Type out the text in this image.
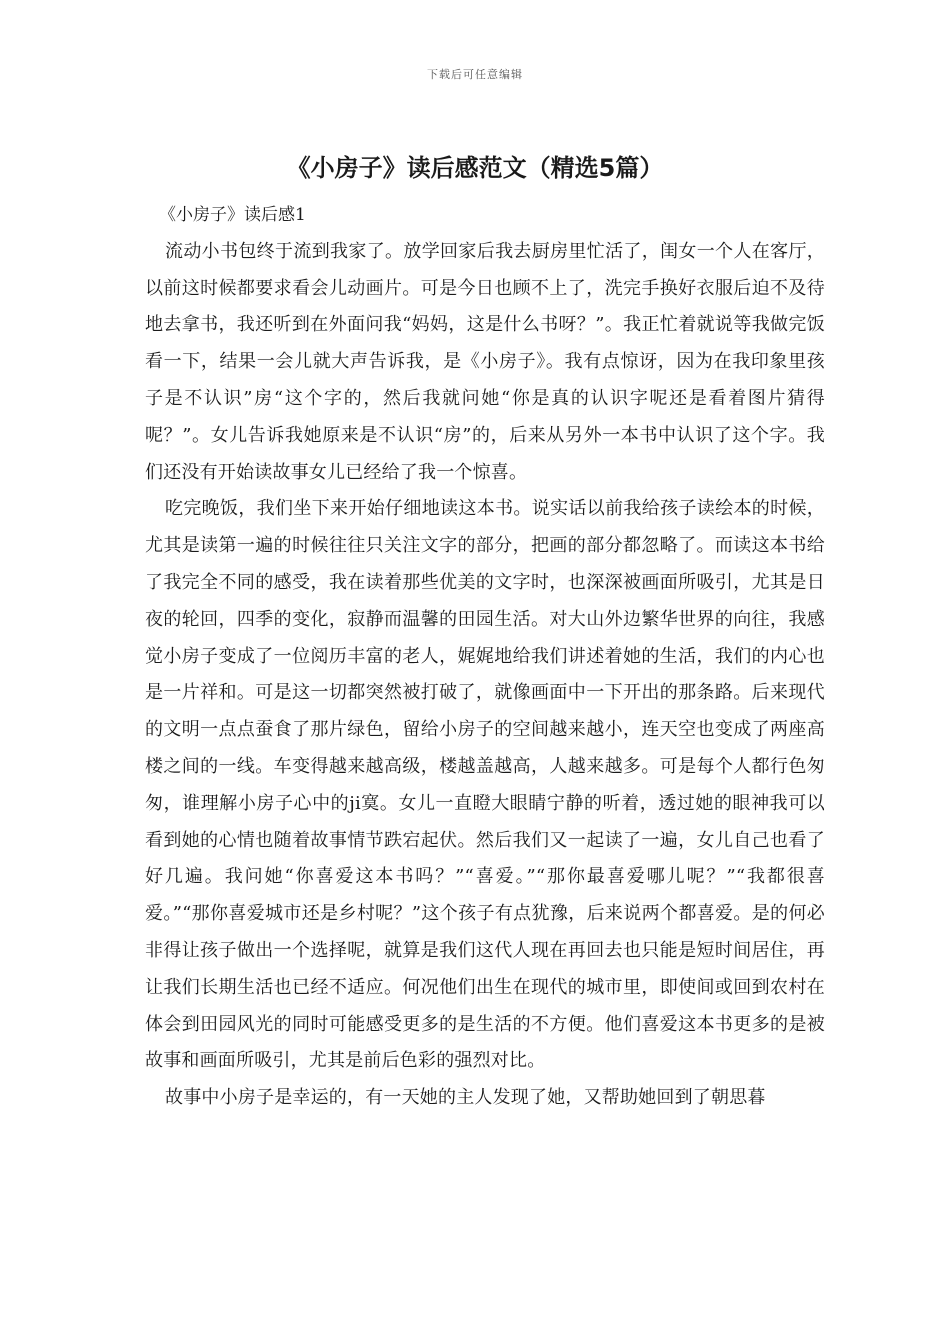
下载后可任意编辑
《小房子》读后感范文（精选5篇）

《小房子》读后感1

流动小书包终于流到我家了。放学回家后我去厨房里忙活了，闺女一个人在客厅，以前这时候都要求看会儿动画片。可是今日也顾不上了，洗完手换好衣服后迫不及待地去拿书，我还听到在外面问我“妈妈，这是什么书呀？”。我正忙着就说等我做完饭看一下，结果一会儿就大声告诉我，是《小房子》。我有点惊讶，因为在我印象里孩子是不认识”房“这个字的，然后我就问她“你是真的认识字呢还是看着图片猜得呢？”。女儿告诉我她原来是不认识“房”的，后来从另外一本书中认识了这个字。我们还没有开始读故事女儿已经给了我一个惊喜。

吃完晚饭，我们坐下来开始仔细地读这本书。说实话以前我给孩子读绘本的时候，尤其是读第一遍的时候往往只关注文字的部分，把画的部分都忽略了。而读这本书给了我完全不同的感受，我在读着那些优美的文字时，也深深被画面所吸引，尤其是日夜的轮回，四季的变化，寂静而温馨的田园生活。对大山外边繁华世界的向往，我感觉小房子变成了一位阅历丰富的老人，娓娓地给我们讲述着她的生活，我们的内心也是一片祥和。可是这一切都突然被打破了，就像画面中一下开出的那条路。后来现代的文明一点点蚕食了那片绿色，留给小房子的空间越来越小，连天空也变成了两座高楼之间的一线。车变得越来越高级，楼越盖越高，人越来越多。可是每个人都行色匆匆，谁理解小房子心中的ji寞。女儿一直瞪大眼睛宁静的听着，透过她的眼神我可以看到她的心情也随着故事情节跌宕起伏。然后我们又一起读了一遍，女儿自己也看了好几遍。我问她“你喜爱这本书吗？”“喜爱。”“那你最喜爱哪儿呢？”“我都很喜爱。”“那你喜爱城市还是乡村呢？”这个孩子有点犹豫，后来说两个都喜爱。是的何必非得让孩子做出一个选择呢，就算是我们这代人现在再回去也只能是短时间居住，再让我们长期生活也已经不适应。何况他们出生在现代的城市里，即使间或回到农村在体会到田园风光的同时可能感受更多的是生活的不方便。他们喜爱这本书更多的是被故事和画面所吸引，尤其是前后色彩的强烈对比。

故事中小房子是幸运的，有一天她的主人发现了她，又帮助她回到了朝思暮
